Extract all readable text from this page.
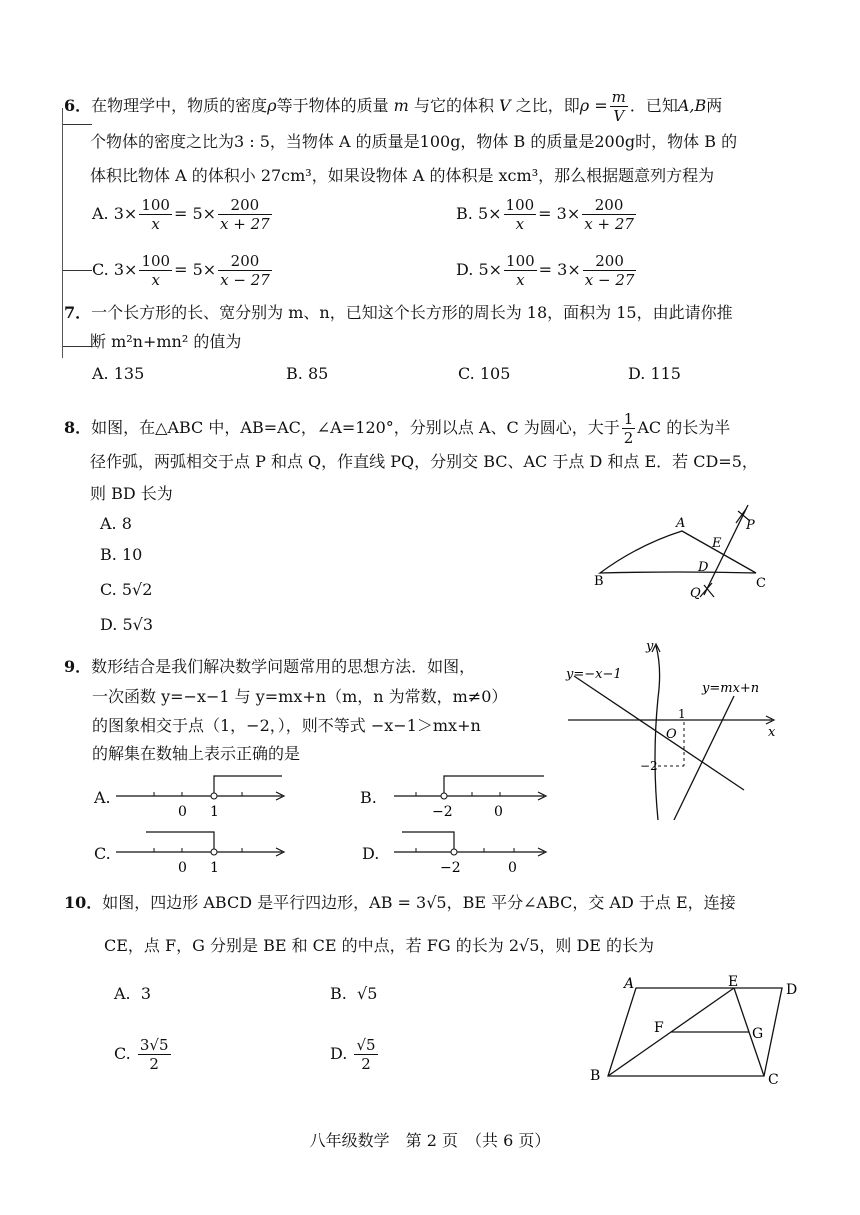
6．在物理学中，物质的密度ρ等于物体的质量 m 与它的体积 V 之比，即$\rho = \frac{m}{V}$ ．已知A,B两
个物体的密度之比为3 : 5，当物体 A 的质量是100g，物体 B 的质量是200g时，物体 B 的
体积比物体 A 的体积小 27cm³，如果设物体 A 的体积是 xcm³，那么根据题意列方程为
A. $3\times \frac{100}{x} = 5\times \frac{200}{x + 27}$	B. $5\times \frac{100}{x} = 3\times \frac{200}{x + 27}$
C. $3\times \frac{100}{x} = 5\times \frac{200}{x - 27}$	D. $5\times \frac{100}{x} = 3\times \frac{200}{x - 27}$
7．一个长方形的长、宽分别为 m、n，已知这个长方形的周长为 18，面积为 15，由此请你推
断 m²n+mn² 的值为
A. 135	B. 85	C. 105	D. 115
8．如图，在△ABC 中，AB=AC，∠A=120°，分别以点 A、C 为圆心，大于 $\frac{1}{2}$ AC 的长为半
径作弧，两弧相交于点 P 和点 Q，作直线 PQ，分别交 BC、AC 于点 D 和点 E．若 CD=5，
则 BD 长为
A. 8
B. 10
C. 5√2
D. 5√3
A
B	C
D
E
P
Q
9．数形结合是我们解决数学问题常用的思想方法．如图，
一次函数 y=−x−1 与 y=mx+n（m，n 为常数，m≠0）
的图象相交于点（1，−2，），则不等式 −x−1＞mx+n
的解集在数轴上表示正确的是
y=−x−1
y=mx+n
y
x
O
1
−2
A.
0 1
B.
−2	0
C.
0 1
D.
−2	0
10．如图，四边形 ABCD 是平行四边形，AB = 3√5，BE 平分∠ABC，交 AD 于点 E，连接
CE，点 F，G 分别是 BE 和 CE 的中点，若 FG 的长为 2√5，则 DE 的长为
A. 3	B. √5
C. $\frac{3√5}{2}$	D. $\frac{√5}{2}$
A	E	D
F	G
B	C
八年级数学　第 2 页　（共 6 页）
